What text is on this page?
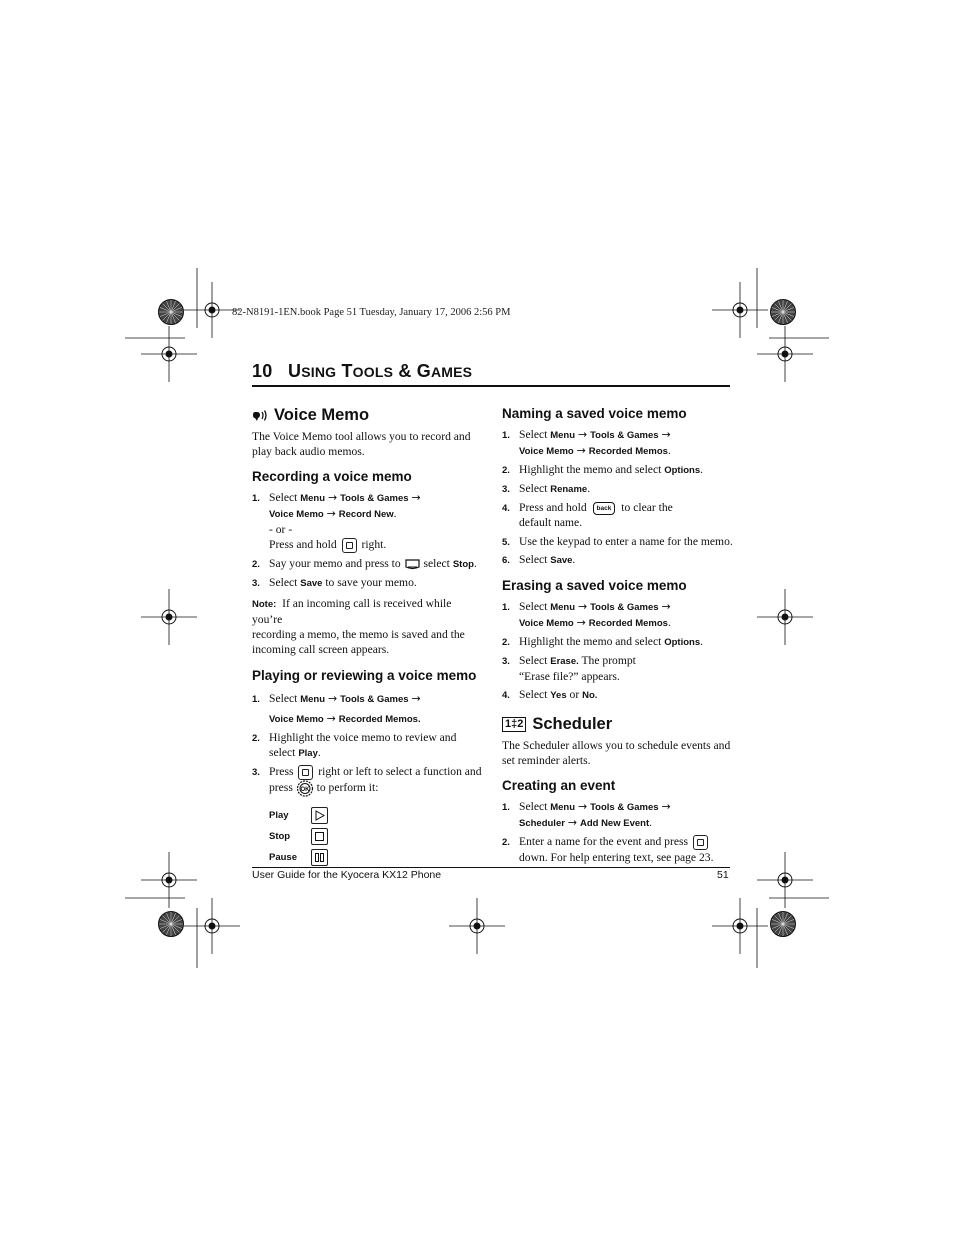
82-N8191-1EN.book Page 51 Tuesday, January 17, 2006 2:56 PM
10 USING TOOLS & GAMES
Voice Memo
The Voice Memo tool allows you to record and
play back audio memos.
Recording a voice memo
1. Select Menu → Tools & Games →
Voice Memo → Record New.
- or -
Press and hold right.
2. Say your memo and press to select Stop.
3. Select Save to save your memo.
Note: If an incoming call is received while you’re
recording a memo, the memo is saved and the
incoming call screen appears.
Playing or reviewing a voice memo
1. Select Menu → Tools & Games →
Voice Memo → Recorded Memos.
2. Highlight the voice memo to review and
select Play.
3. Press right or left to select a function and
press OK to perform it:
Play
Stop
Pause
Naming a saved voice memo
1. Select Menu → Tools & Games →
Voice Memo → Recorded Memos.
2. Highlight the memo and select Options.
3. Select Rename.
4. Press and hold back to clear the
default name.
5. Use the keypad to enter a name for the memo.
6. Select Save.
Erasing a saved voice memo
1. Select Menu → Tools & Games →
Voice Memo → Recorded Memos.
2. Highlight the memo and select Options.
3. Select Erase. The prompt
“Erase file?” appears.
4. Select Yes or No.
1‡2 Scheduler
The Scheduler allows you to schedule events and
set reminder alerts.
Creating an event
1. Select Menu → Tools & Games →
Scheduler → Add New Event.
2. Enter a name for the event and press
down. For help entering text, see page 23.
User Guide for the Kyocera KX12 Phone	51
